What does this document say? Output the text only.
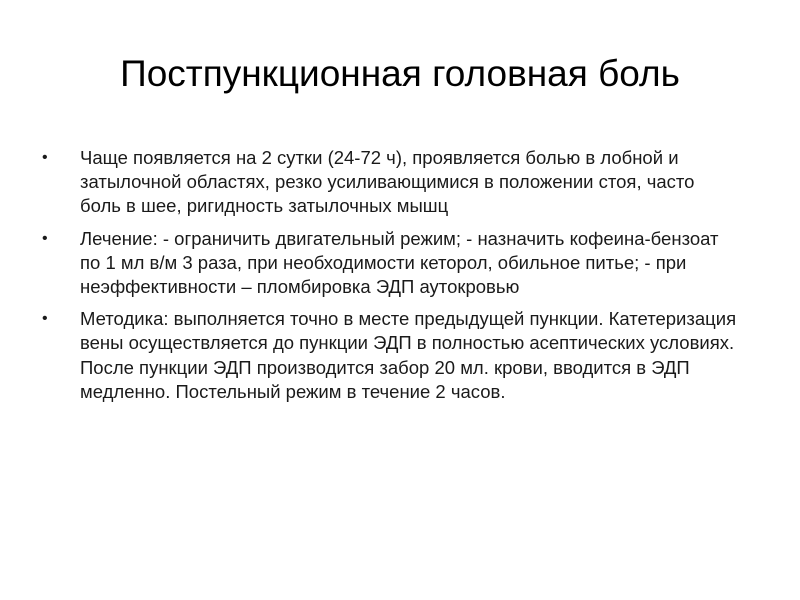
Постпункционная головная боль
• Чаще появляется на 2 сутки (24-72 ч), проявляется болью в лобной и затылочной областях, резко усиливающимися в положении стоя, часто боль в шее, ригидность затылочных мышц
• Лечение: - ограничить двигательный режим; - назначить кофеина-бензоат по 1 мл в/м 3 раза, при необходимости кеторол, обильное питье; - при неэффективности – пломбировка ЭДП аутокровью
• Методика: выполняется точно в месте предыдущей пункции. Катетеризация вены осуществляется до пункции ЭДП в полностью асептических условиях. После пункции ЭДП производится забор 20 мл. крови, вводится в ЭДП медленно. Постельный режим в течение 2 часов.
